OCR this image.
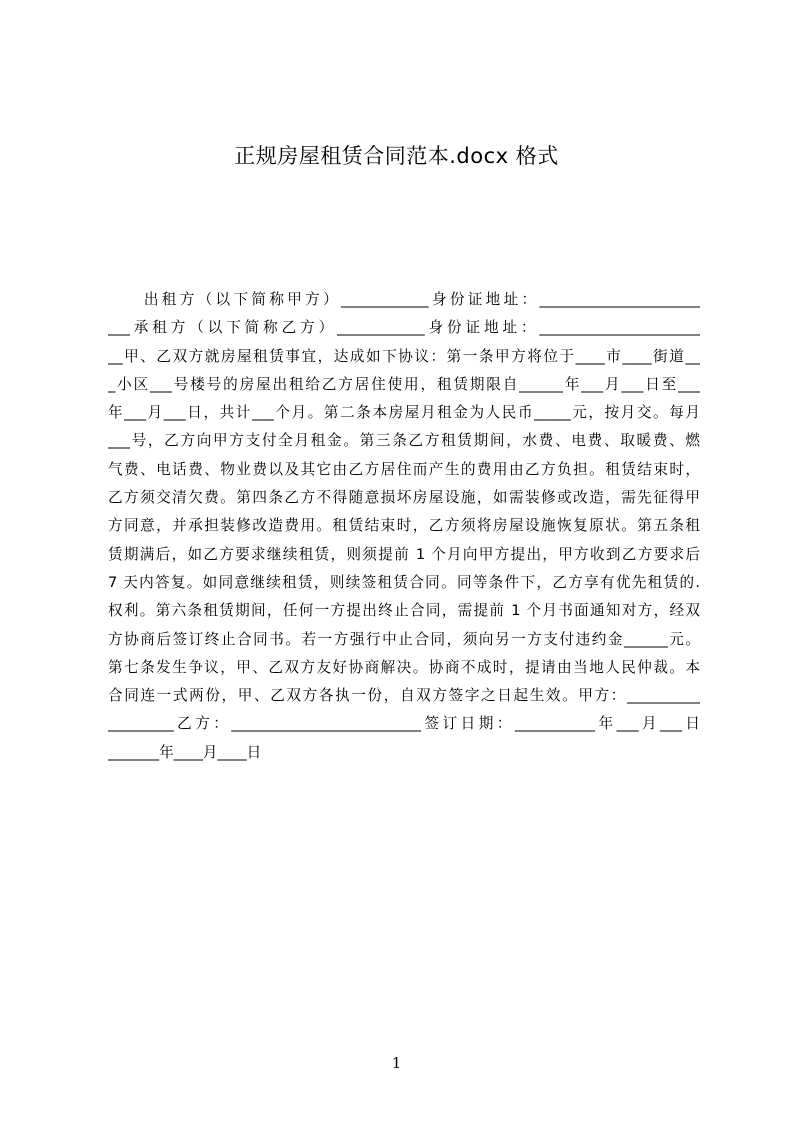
正规房屋租赁合同范本.docx 格式
　　出租方（以下简称甲方）____________身份证地址：______________________
___承租方（以下简称乙方）____________身份证地址：______________________
__甲、乙双方就房屋租赁事宜，达成如下协议：第一条甲方将位于____市____街道__
_小区___号楼号的房屋出租给乙方居住使用，租赁期限自______年___月___日至___
年___月___日，共计___个月。第二条本房屋月租金为人民币_____元，按月交。每月
___号，乙方向甲方支付全月租金。第三条乙方租赁期间，水费、电费、取暖费、燃
气费、电话费、物业费以及其它由乙方居住而产生的费用由乙方负担。租赁结束时，
乙方须交清欠费。第四条乙方不得随意损坏房屋设施，如需装修或改造，需先征得甲
方同意，并承担装修改造费用。租赁结束时，乙方须将房屋设施恢复原状。第五条租
赁期满后，如乙方要求继续租赁，则须提前 1 个月向甲方提出，甲方收到乙方要求后
7 天内答复。如同意继续租赁，则续签租赁合同。同等条件下，乙方享有优先租赁的.
权利。第六条租赁期间，任何一方提出终止合同，需提前 1 个月书面通知对方，经双
方协商后签订终止合同书。若一方强行中止合同，须向另一方支付违约金______元。
第七条发生争议，甲、乙双方友好协商解决。协商不成时，提请由当地人民仲裁。本
合同连一式两份，甲、乙双方各执一份，自双方签字之日起生效。甲方：__________
_________乙方：__________________________签订日期：___________年___月___日
_______年____月____日
1
